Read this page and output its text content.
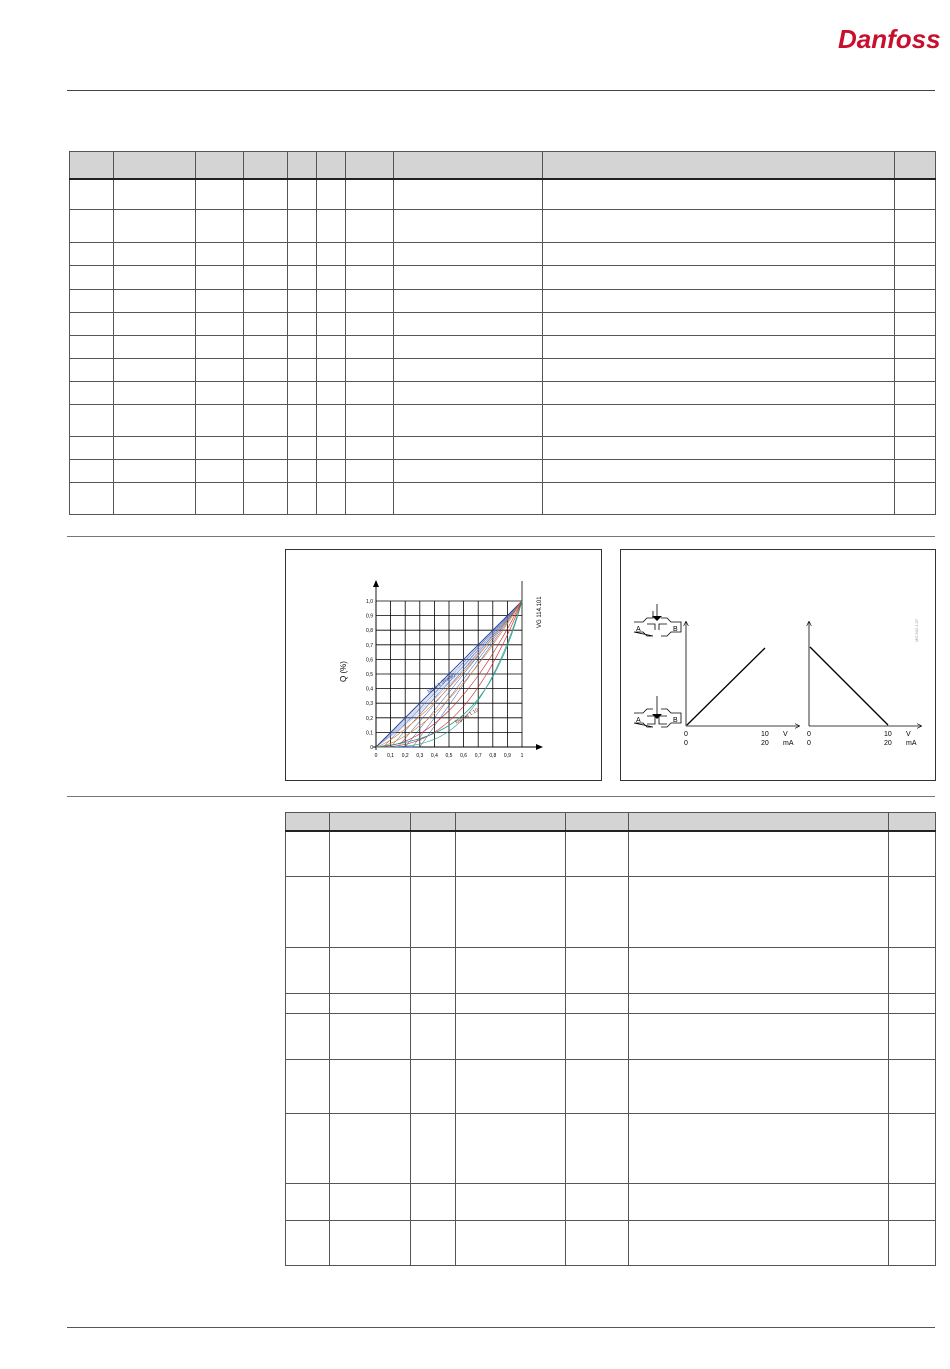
Danfoss

0 0,1 0,2 0,3 0,4 0,5 0,6 0,7 0,8 0,9 1
0
0,1
0,2
0,3
0,4
0,5
0,6
0,7
0,8
0,9
1,0
log 1:1 (linear)
log/log 1:10
VG 114.101
Q (%)
MG.502.1.07
A	B
A	B
0	10 V
0	20 mA
0	10 V
0	20 mA
